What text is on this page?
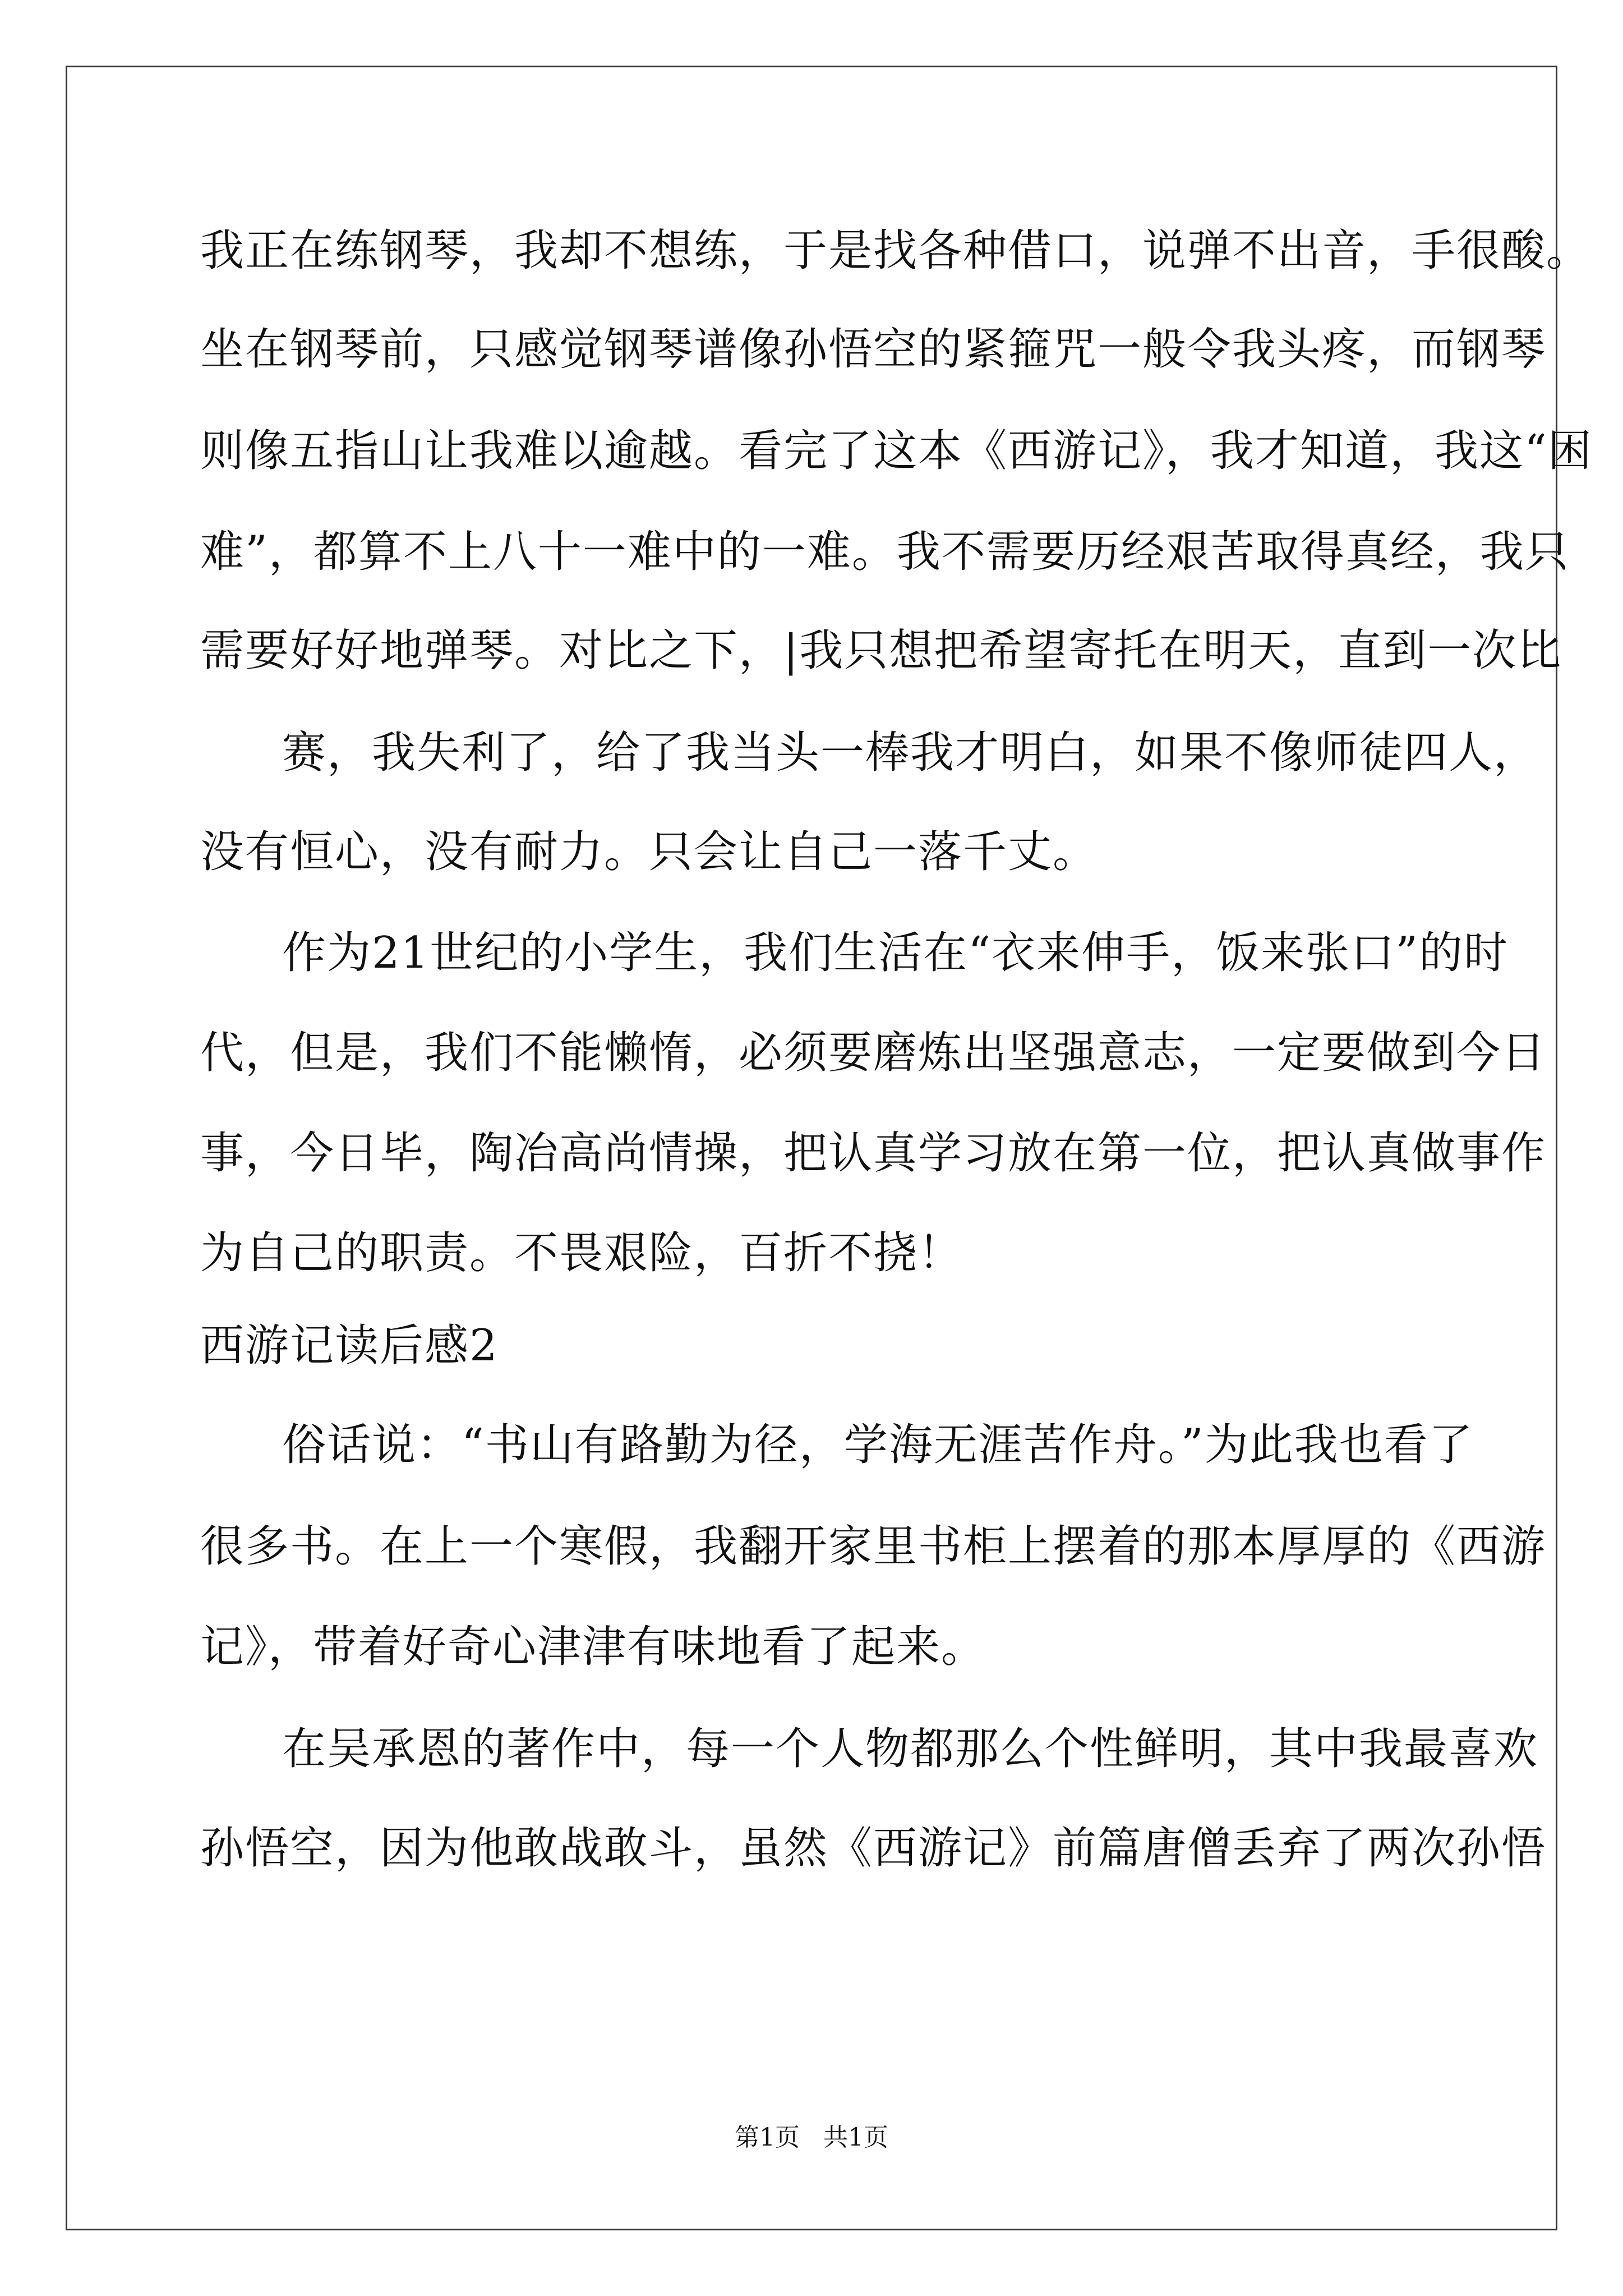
我正在练钢琴，我却不想练，于是找各种借口，说弹不出音，手很酸。
坐在钢琴前，只感觉钢琴谱像孙悟空的紧箍咒一般令我头疼，而钢琴
则像五指山让我难以逾越。看完了这本《西游记》，我才知道，我这“困
难”，都算不上八十一难中的一难。我不需要历经艰苦取得真经，我只
需要好好地弹琴。对比之下，|我只想把希望寄托在明天，直到一次比
赛，我失利了，给了我当头一棒我才明白，如果不像师徒四人，
没有恒心，没有耐力。只会让自己一落千丈。
作为21世纪的小学生，我们生活在“衣来伸手，饭来张口”的时
代，但是，我们不能懒惰，必须要磨炼出坚强意志，一定要做到今日
事，今日毕，陶冶高尚情操，把认真学习放在第一位，把认真做事作
为自己的职责。不畏艰险，百折不挠！
西游记读后感2
俗话说：“书山有路勤为径，学海无涯苦作舟。”为此我也看了
很多书。在上一个寒假，我翻开家里书柜上摆着的那本厚厚的《西游
记》，带着好奇心津津有味地看了起来。
在吴承恩的著作中，每一个人物都那么个性鲜明，其中我最喜欢
孙悟空，因为他敢战敢斗，虽然《西游记》前篇唐僧丢弃了两次孙悟
第1页   共1页
